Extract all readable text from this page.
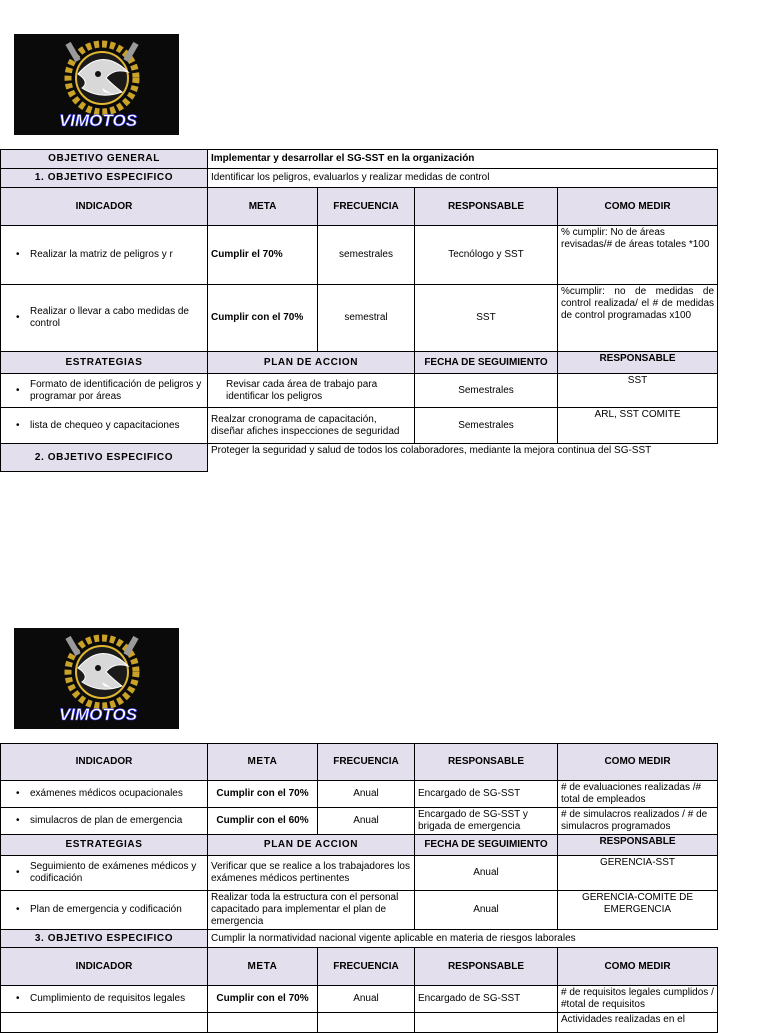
VIMOTOS
OBJETIVO GENERAL	Implementar y desarrollar el SG-SST en la organización			
1. OBJETIVO ESPECIFICO	Identificar los peligros, evaluarlos y realizar medidas de control			
INDICADOR	META	FRECUENCIA	RESPONSABLE	COMO MEDIR

• Realizar la matriz de peligros y r	Cumplir el 70%	semestrales	Tecnólogo y SST	% cumplir: No de áreas revisadas/# de áreas totales *100

•
Realizar o llevar a cabo medidas de control	Cumplir con el 70%	semestral	SST	%cumplir: no de medidas de control realizada/ el # de medidas de control programadas x100
ESTRATEGIAS	PLAN DE ACCION		FECHA DE SEGUIMIENTO	RESPONSABLE

•
Formato de identificación de peligros y programar por áreas	Revisar cada área de trabajo para identificar los peligros		Semestrales	SST

• lista de chequeo y capacitaciones	Realzar cronograma de capacitación, diseñar afiches inspecciones de seguridad		Semestrales	ARL, SST COMITE
2. OBJETIVO ESPECIFICO	Proteger la seguridad y salud de todos los colaboradores, mediante la mejora continua del SG-SST			
VIMOTOS
INDICADOR	META	FRECUENCIA	RESPONSABLE	COMO MEDIR

• exámenes médicos ocupacionales	Cumplir con el 70%	Anual	Encargado de SG-SST	# de evaluaciones realizadas /# total de empleados

• simulacros de plan de emergencia	Cumplir con el 60%	Anual	Encargado de SG-SST y brigada de emergencia	# de simulacros realizados / # de simulacros programados
ESTRATEGIAS	PLAN DE ACCION		FECHA DE SEGUIMIENTO	RESPONSABLE

•
Seguimiento de exámenes médicos y codificación	Verificar que se realice a los trabajadores los exámenes médicos pertinentes		Anual	GERENCIA-SST

• Plan de emergencia y codificación	Realizar toda la estructura con el personal capacitado para implementar el plan de emergencia		Anual	GERENCIA-COMITE DE EMERGENCIA
3. OBJETIVO ESPECIFICO	Cumplir la normatividad nacional vigente aplicable en materia de riesgos laborales			
INDICADOR	META	FRECUENCIA	RESPONSABLE	COMO MEDIR

• Cumplimiento de requisitos legales	Cumplir con el 70%	Anual	Encargado de SG-SST	# de requisitos legales cumplidos / #total de requisitos
				Actividades realizadas en el
